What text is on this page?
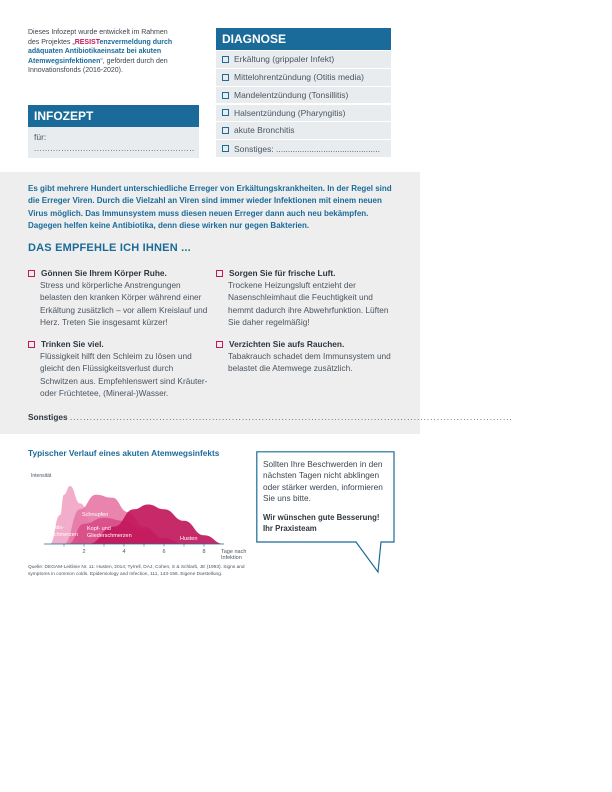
Dieses Infozept wurde entwickelt im Rahmen
des Projektes „RESISTenzvermeldung durch
adäquaten Antibiotikaeinsatz bei akuten
Atemwegsinfektionen“, gefördert durch den
Innovationsfonds (2016-2020).
INFOZEPT
für:
...........................................................
DIAGNOSE
Erkältung (grippaler Infekt)
Mittelohrentzündung (Otitis media)
Mandelentzündung (Tonsillitis)
Halsentzündung (Pharyngitis)
akute Bronchitis
Sonstiges: ............................................
Es gibt mehrere Hundert unterschiedliche Erreger von Erkältungskrankheiten. In der Regel sind die Erreger Viren. Durch die Vielzahl an Viren sind immer wieder Infektionen mit einem neuen Virus möglich. Das Immunsystem muss diesen neuen Erreger dann auch neu bekämpfen. Dagegen helfen keine Antibiotika, denn diese wirken nur gegen Bakterien.
DAS EMPFEHLE ICH IHNEN ...
Gönnen Sie Ihrem Körper Ruhe.
Stress und körperliche Anstrengungen belasten den kranken Körper während einer Erkältung zusätzlich – vor allem Kreislauf und Herz. Treten Sie insgesamt kürzer!
Sorgen Sie für frische Luft.
Trockene Heizungsluft entzieht der Nasenschleimhaut die Feuchtigkeit und hemmt dadurch ihre Abwehrfunktion. Lüften Sie daher regelmäßig!
Trinken Sie viel.
Flüssigkeit hilft den Schleim zu lösen und gleicht den Flüssigkeitsverlust durch Schwitzen aus. Empfehlenswert sind Kräuter- oder Früchtetee, (Mineral-)Wasser.
Verzichten Sie aufs Rauchen.
Tabakrauch schadet dem Immunsystem und belastet die Atemwege zusätzlich.
Sonstiges ......................................................................................................................................
Typischer Verlauf eines akuten Atemwegsinfekts
Intensität
Hals-schmerzen
Schnupfen
Kopf- und Gliederschmerzen	Husten
2	4	6	8	Tage nach
Infektion
Quelle: DEGAM-Leitlinie Nr. 11: Husten, 2014; Tyrrell, DAJ, Cohen, S & Schlarb, JE (1993). Signs and symptoms in common colds. Epidemiology and Infection, 111, 143-156. Eigene Darstellung.
Sollten Ihre Beschwerden in den nächsten Tagen nicht abklingen oder stärker werden, informieren Sie uns bitte.
Wir wünschen gute Besserung!
Ihr Praxisteam
